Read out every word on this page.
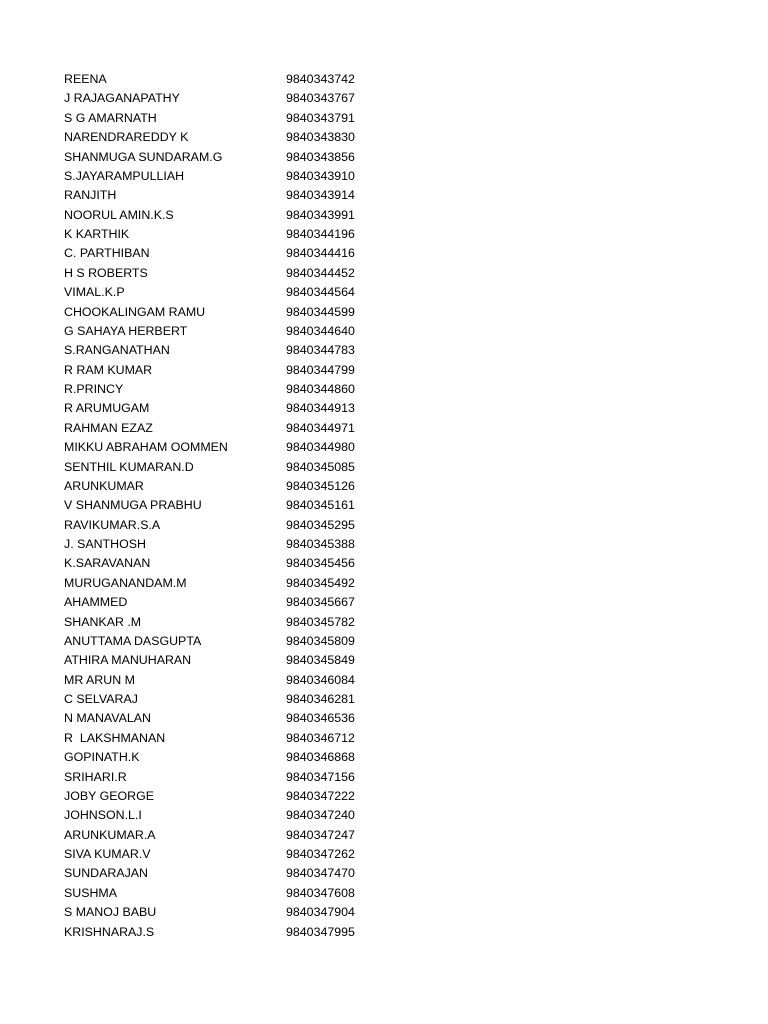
REENA	9840343742
J RAJAGANAPATHY	9840343767
S G AMARNATH	9840343791
NARENDRAREDDY K	9840343830
SHANMUGA SUNDARAM.G	9840343856
S.JAYARAMPULLIAH	9840343910
RANJITH	9840343914
NOORUL AMIN.K.S	9840343991
K KARTHIK	9840344196
C. PARTHIBAN	9840344416
H S ROBERTS	9840344452
VIMAL.K.P	9840344564
CHOOKALINGAM RAMU	9840344599
G SAHAYA HERBERT	9840344640
S.RANGANATHAN	9840344783
R RAM KUMAR	9840344799
R.PRINCY	9840344860
R ARUMUGAM	9840344913
RAHMAN EZAZ	9840344971
MIKKU ABRAHAM OOMMEN	9840344980
SENTHIL KUMARAN.D	9840345085
ARUNKUMAR	9840345126
V SHANMUGA PRABHU	9840345161
RAVIKUMAR.S.A	9840345295
J. SANTHOSH	9840345388
K.SARAVANAN	9840345456
MURUGANANDAM.M	9840345492
AHAMMED	9840345667
SHANKAR .M	9840345782
ANUTTAMA DASGUPTA	9840345809
ATHIRA MANUHARAN	9840345849
MR ARUN M	9840346084
C SELVARAJ	9840346281
N MANAVALAN	9840346536
R  LAKSHMANAN	9840346712
GOPINATH.K	9840346868
SRIHARI.R	9840347156
JOBY GEORGE	9840347222
JOHNSON.L.I	9840347240
ARUNKUMAR.A	9840347247
SIVA KUMAR.V	9840347262
SUNDARAJAN	9840347470
SUSHMA	9840347608
S MANOJ BABU	9840347904
KRISHNARAJ.S	9840347995
